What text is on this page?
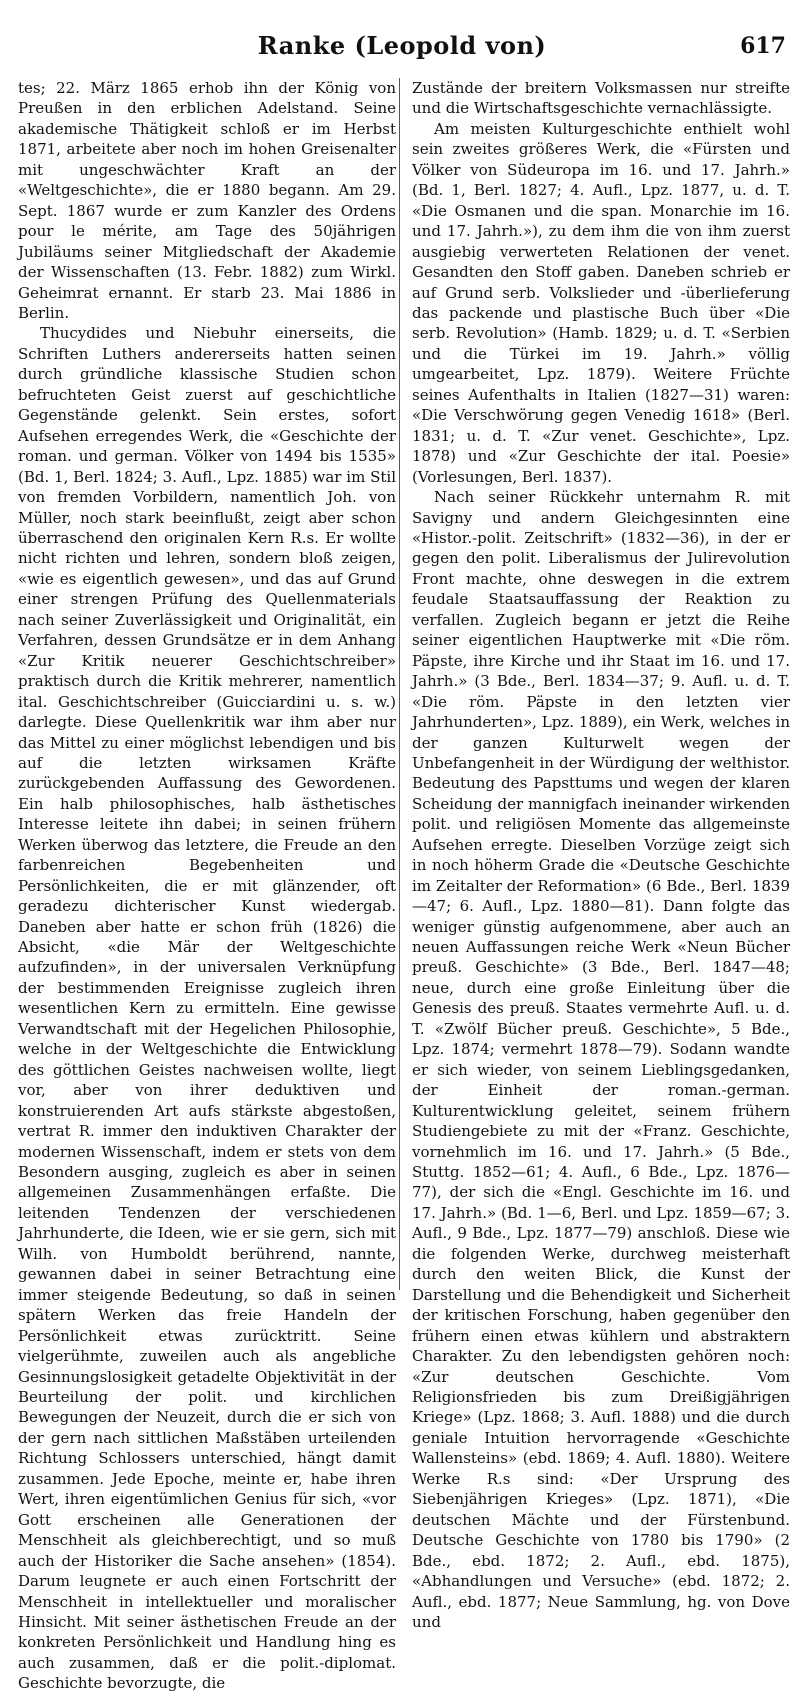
Ranke (Leopold von)	617

tes; 22. März 1865 erhob ihn der König von Preußen in den erblichen Adelstand. Seine akademische Thätigkeit schloß er im Herbst 1871, arbeitete aber noch im hohen Greisenalter mit ungeschwächter Kraft an der «Weltgeschichte», die er 1880 begann. Am 29. Sept. 1867 wurde er zum Kanzler des Ordens pour le mérite, am Tage des 50jährigen Jubiläums seiner Mitgliedschaft der Akademie der Wissenschaften (13. Febr. 1882) zum Wirkl. Geheimrat ernannt. Er starb 23. Mai 1886 in Berlin.

Thucydides und Niebuhr einerseits, die Schriften Luthers andererseits hatten seinen durch gründliche klassische Studien schon befruchteten Geist zuerst auf geschichtliche Gegenstände gelenkt. Sein erstes, sofort Aufsehen erregendes Werk, die «Geschichte der roman. und german. Völker von 1494 bis 1535» (Bd. 1, Berl. 1824; 3. Aufl., Lpz. 1885) war im Stil von fremden Vorbildern, namentlich Joh. von Müller, noch stark beeinflußt, zeigt aber schon überraschend den originalen Kern R.s. Er wollte nicht richten und lehren, sondern bloß zeigen, «wie es eigentlich gewesen», und das auf Grund einer strengen Prüfung des Quellenmaterials nach seiner Zuverlässigkeit und Originalität, ein Verfahren, dessen Grundsätze er in dem Anhang «Zur Kritik neuerer Geschichtschreiber» praktisch durch die Kritik mehrerer, namentlich ital. Geschichtschreiber (Guicciardini u. s. w.) darlegte. Diese Quellenkritik war ihm aber nur das Mittel zu einer möglichst lebendigen und bis auf die letzten wirksamen Kräfte zurückgebenden Auffassung des Gewordenen. Ein halb philosophisches, halb ästhetisches Interesse leitete ihn dabei; in seinen frühern Werken überwog das letztere, die Freude an den farbenreichen Begebenheiten und Persönlichkeiten, die er mit glänzender, oft geradezu dichterischer Kunst wiedergab. Daneben aber hatte er schon früh (1826) die Absicht, «die Mär der Weltgeschichte aufzufinden», in der universalen Verknüpfung der bestimmenden Ereignisse zugleich ihren wesentlichen Kern zu ermitteln. Eine gewisse Verwandtschaft mit der Hegelichen Philosophie, welche in der Weltgeschichte die Entwicklung des göttlichen Geistes nachweisen wollte, liegt vor, aber von ihrer deduktiven und konstruierenden Art aufs stärkste abgestoßen, vertrat R. immer den induktiven Charakter der modernen Wissenschaft, indem er stets von dem Besondern ausging, zugleich es aber in seinen allgemeinen Zusammenhängen erfaßte. Die leitenden Tendenzen der verschiedenen Jahrhunderte, die Ideen, wie er sie gern, sich mit Wilh. von Humboldt berührend, nannte, gewannen dabei in seiner Betrachtung eine immer steigende Bedeutung, so daß in seinen spätern Werken das freie Handeln der Persönlichkeit etwas zurücktritt. Seine vielgerühmte, zuweilen auch als angebliche Gesinnungslosigkeit getadelte Objektivität in der Beurteilung der polit. und kirchlichen Bewegungen der Neuzeit, durch die er sich von der gern nach sittlichen Maßstäben urteilenden Richtung Schlossers unterschied, hängt damit zusammen. Jede Epoche, meinte er, habe ihren Wert, ihren eigentümlichen Genius für sich, «vor Gott erscheinen alle Generationen der Menschheit als gleichberechtigt, und so muß auch der Historiker die Sache ansehen» (1854). Darum leugnete er auch einen Fortschritt der Menschheit in intellektueller und moralischer Hinsicht. Mit seiner ästhetischen Freude an der konkreten Persönlichkeit und Handlung hing es auch zusammen, daß er die polit.-diplomat. Geschichte bevorzugte, die

Zustände der breitern Volksmassen nur streifte und die Wirtschaftsgeschichte vernachlässigte.

Am meisten Kulturgeschichte enthielt wohl sein zweites größeres Werk, die «Fürsten und Völker von Südeuropa im 16. und 17. Jahrh.» (Bd. 1, Berl. 1827; 4. Aufl., Lpz. 1877, u. d. T. «Die Osmanen und die span. Monarchie im 16. und 17. Jahrh.»), zu dem ihm die von ihm zuerst ausgiebig verwerteten Relationen der venet. Gesandten den Stoff gaben. Daneben schrieb er auf Grund serb. Volkslieder und -überlieferung das packende und plastische Buch über «Die serb. Revolution» (Hamb. 1829; u. d. T. «Serbien und die Türkei im 19. Jahrh.» völlig umgearbeitet, Lpz. 1879). Weitere Früchte seines Aufenthalts in Italien (1827—31) waren: «Die Verschwörung gegen Venedig 1618» (Berl. 1831; u. d. T. «Zur venet. Geschichte», Lpz. 1878) und «Zur Geschichte der ital. Poesie» (Vorlesungen, Berl. 1837).

Nach seiner Rückkehr unternahm R. mit Savigny und andern Gleichgesinnten eine «Histor.-polit. Zeitschrift» (1832—36), in der er gegen den polit. Liberalismus der Julirevolution Front machte, ohne deswegen in die extrem feudale Staatsauffassung der Reaktion zu verfallen. Zugleich begann er jetzt die Reihe seiner eigentlichen Hauptwerke mit «Die röm. Päpste, ihre Kirche und ihr Staat im 16. und 17. Jahrh.» (3 Bde., Berl. 1834—37; 9. Aufl. u. d. T. «Die röm. Päpste in den letzten vier Jahrhunderten», Lpz. 1889), ein Werk, welches in der ganzen Kulturwelt wegen der Unbefangenheit in der Würdigung der welthistor. Bedeutung des Papsttums und wegen der klaren Scheidung der mannigfach ineinander wirkenden polit. und religiösen Momente das allgemeinste Aufsehen erregte. Dieselben Vorzüge zeigt sich in noch höherm Grade die «Deutsche Geschichte im Zeitalter der Reformation» (6 Bde., Berl. 1839—47; 6. Aufl., Lpz. 1880—81). Dann folgte das weniger günstig aufgenommene, aber auch an neuen Auffassungen reiche Werk «Neun Bücher preuß. Geschichte» (3 Bde., Berl. 1847—48; neue, durch eine große Einleitung über die Genesis des preuß. Staates vermehrte Aufl. u. d. T. «Zwölf Bücher preuß. Geschichte», 5 Bde., Lpz. 1874; vermehrt 1878—79). Sodann wandte er sich wieder, von seinem Lieblingsgedanken, der Einheit der roman.-german. Kulturentwicklung geleitet, seinem frühern Studiengebiete zu mit der «Franz. Geschichte, vornehmlich im 16. und 17. Jahrh.» (5 Bde., Stuttg. 1852—61; 4. Aufl., 6 Bde., Lpz. 1876—77), der sich die «Engl. Geschichte im 16. und 17. Jahrh.» (Bd. 1—6, Berl. und Lpz. 1859—67; 3. Aufl., 9 Bde., Lpz. 1877—79) anschloß. Diese wie die folgenden Werke, durchweg meisterhaft durch den weiten Blick, die Kunst der Darstellung und die Behendigkeit und Sicherheit der kritischen Forschung, haben gegenüber den frühern einen etwas kühlern und abstraktern Charakter. Zu den lebendigsten gehören noch: «Zur deutschen Geschichte. Vom Religionsfrieden bis zum Dreißigjährigen Kriege» (Lpz. 1868; 3. Aufl. 1888) und die durch geniale Intuition hervorragende «Geschichte Wallensteins» (ebd. 1869; 4. Aufl. 1880). Weitere Werke R.s sind: «Der Ursprung des Siebenjährigen Krieges» (Lpz. 1871), «Die deutschen Mächte und der Fürstenbund. Deutsche Geschichte von 1780 bis 1790» (2 Bde., ebd. 1872; 2. Aufl., ebd. 1875), «Abhandlungen und Versuche» (ebd. 1872; 2. Aufl., ebd. 1877; Neue Sammlung, hg. von Dove und
